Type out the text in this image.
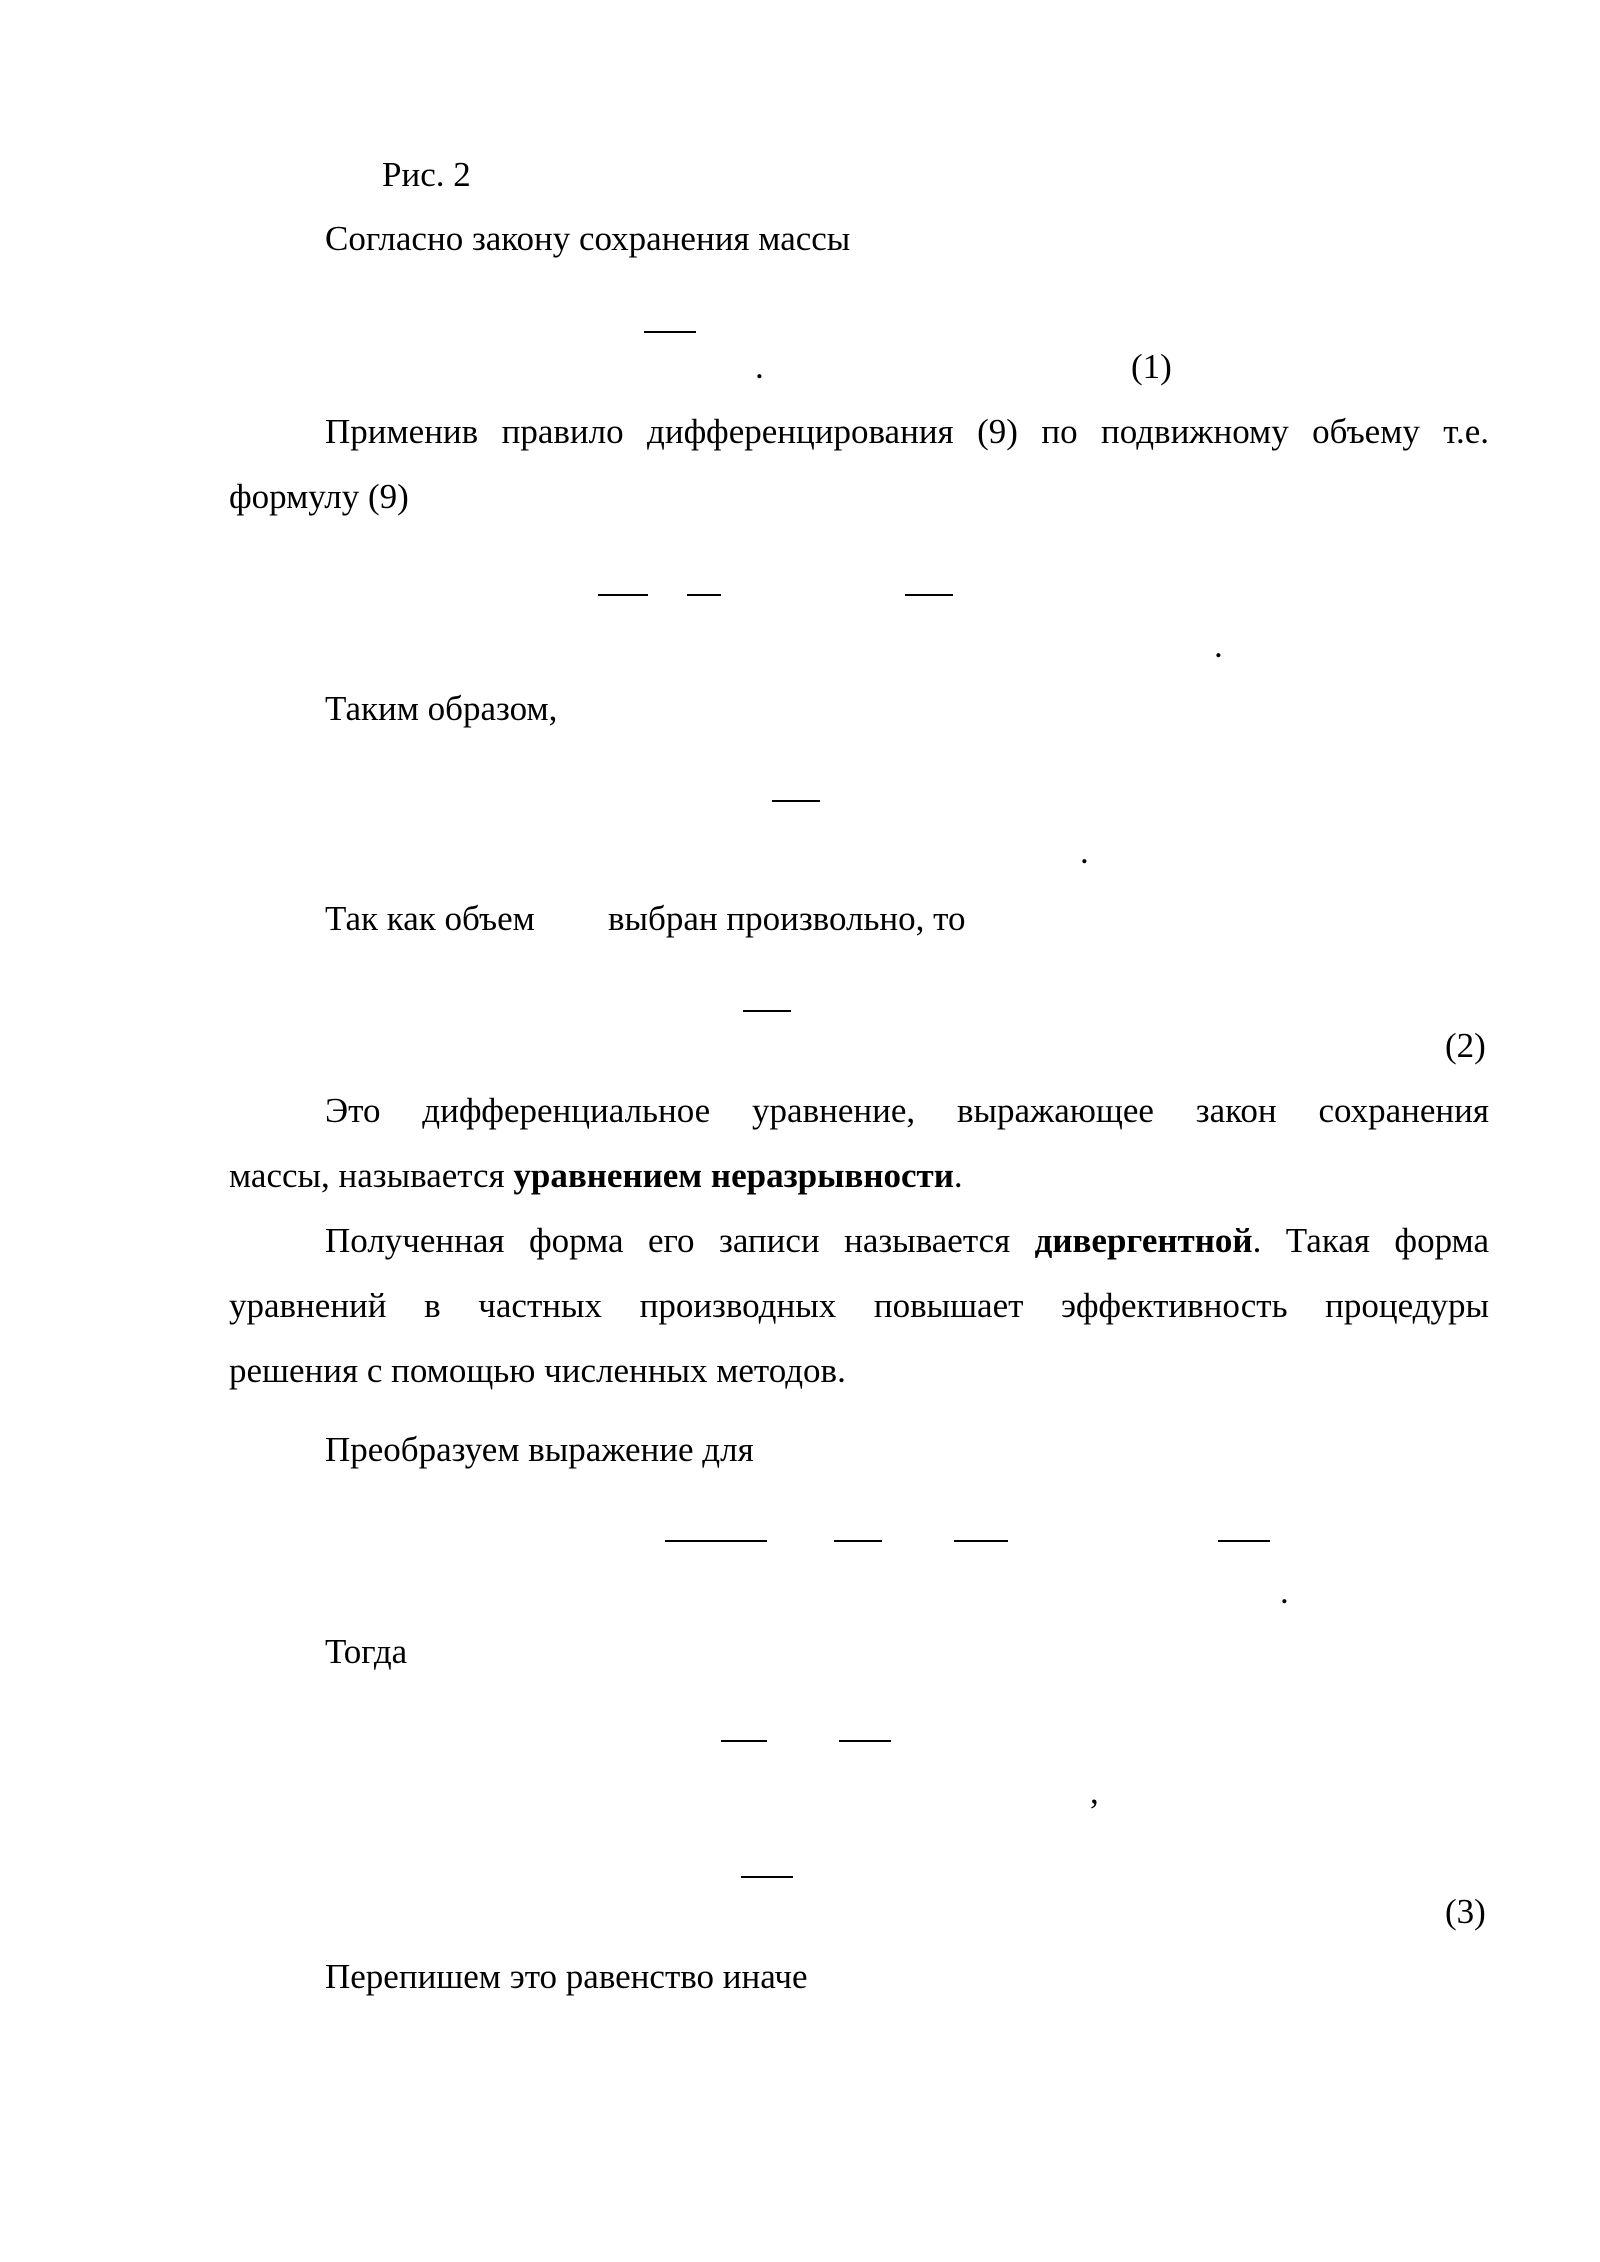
Рис. 2
Согласно закону сохранения массы
.	(1)
Применив правило дифференцирования (9) по подвижному объему т.е.
формулу (9)
.
Таким образом,
.
Так как объем выбран произвольно, то
(2)
Это дифференциальное уравнение, выражающее закон сохранения
массы, называется уравнением неразрывности.
Полученная форма его записи называется дивергентной. Такая форма
уравнений в частных производных повышает эффективность процедуры
решения с помощью численных методов.
Преобразуем выражение для
.
Тогда
,
(3)
Перепишем это равенство иначе
